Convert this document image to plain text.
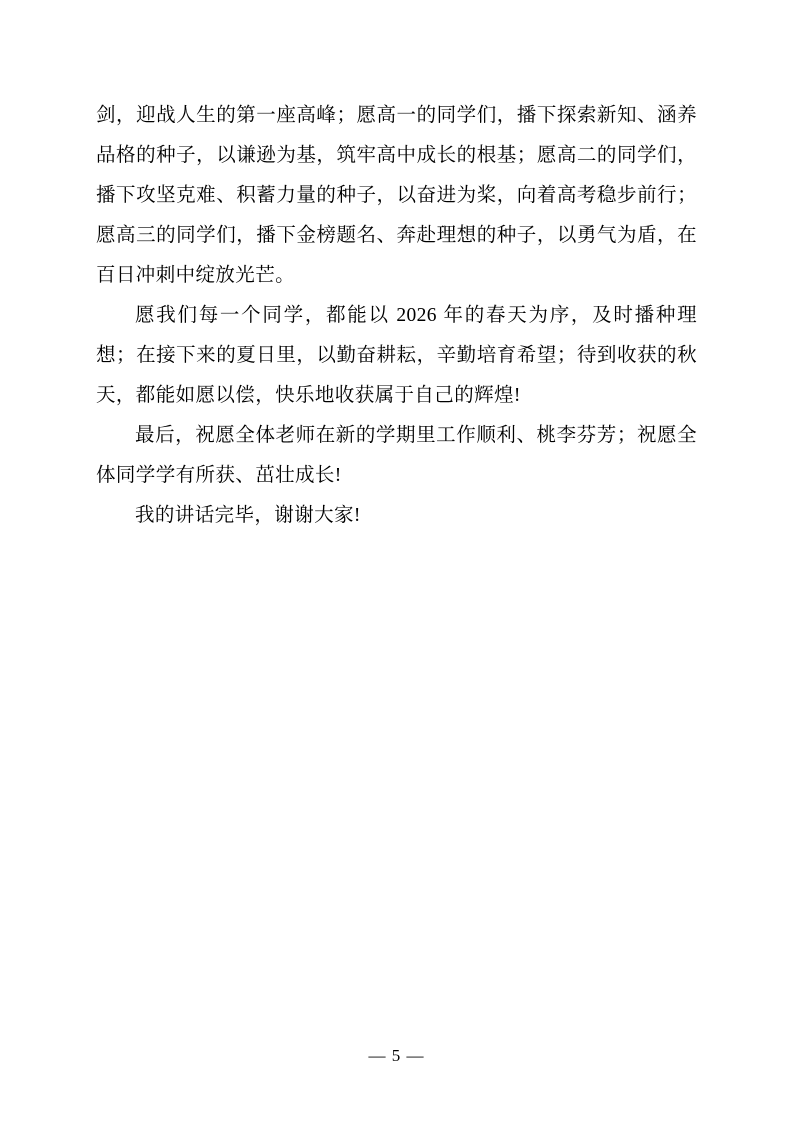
剑，迎战人生的第一座高峰；愿高一的同学们，播下探索新知、涵养品格的种子，以谦逊为基，筑牢高中成长的根基；愿高二的同学们，播下攻坚克难、积蓄力量的种子，以奋进为桨，向着高考稳步前行；愿高三的同学们，播下金榜题名、奔赴理想的种子，以勇气为盾，在百日冲刺中绽放光芒。

愿我们每一个同学，都能以 2026 年的春天为序，及时播种理想；在接下来的夏日里，以勤奋耕耘，辛勤培育希望；待到收获的秋天，都能如愿以偿，快乐地收获属于自己的辉煌!

最后，祝愿全体老师在新的学期里工作顺利、桃李芬芳；祝愿全体同学学有所获、茁壮成长!

我的讲话完毕，谢谢大家!

— 5 —
